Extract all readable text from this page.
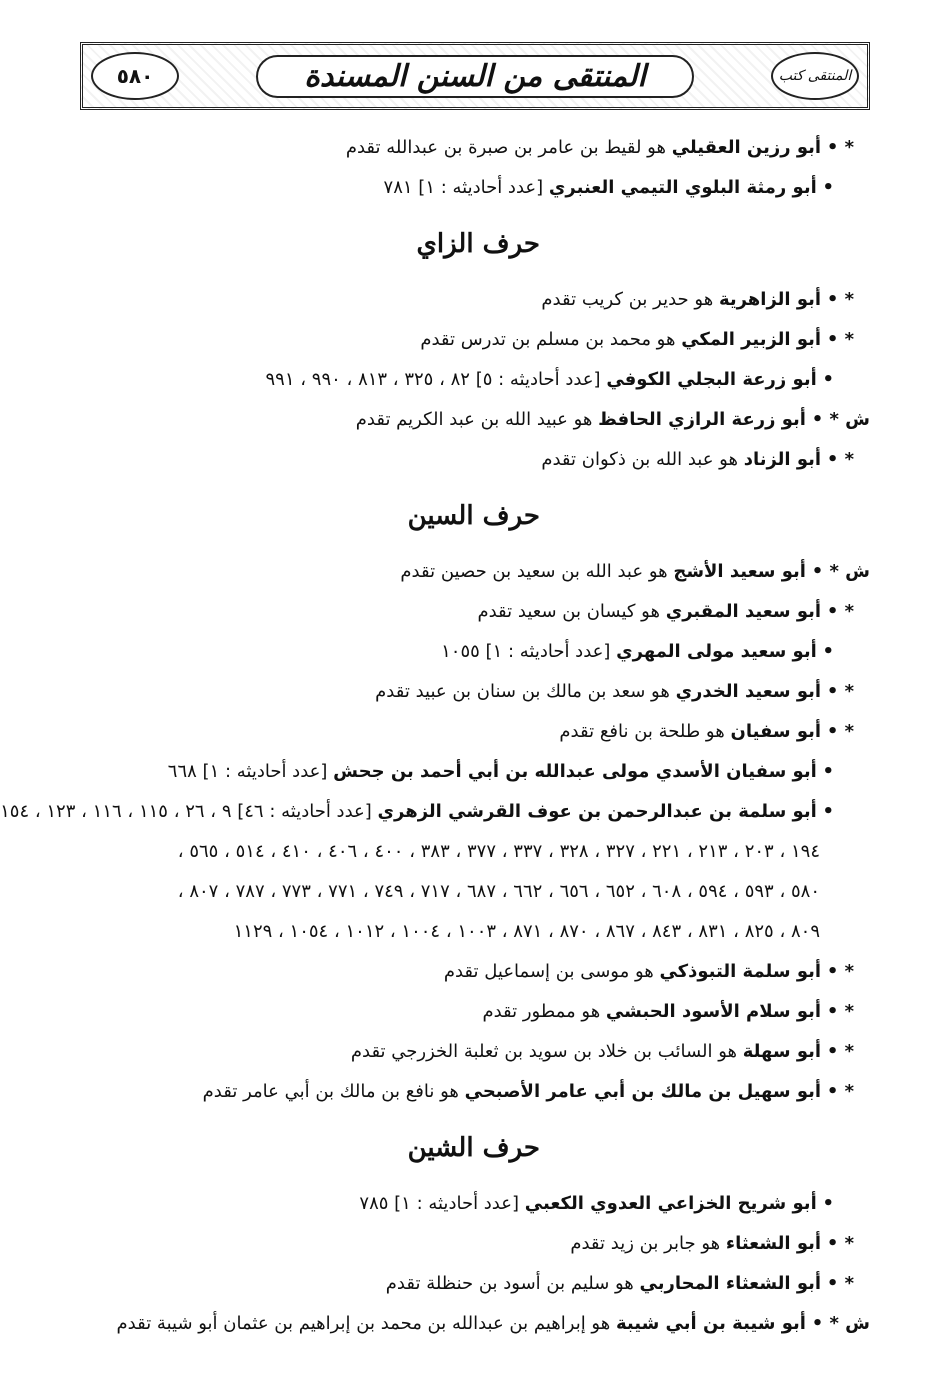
٥٨٠	المنتقى من السنن المسندة	المنتقى كتب

* • أبو رزين العقيلي هو لقيط بن عامر بن صبرة بن عبدالله تقدم

• أبو رمثة البلوي التيمي العنبري [عدد أحاديثه : ١] ٧٨١

حرف الزاي

* • أبو الزاهرية هو حدير بن كريب تقدم

* • أبو الزبير المكي هو محمد بن مسلم بن تدرس تقدم

• أبو زرعة البجلي الكوفي [عدد أحاديثه : ٥] ٨٢ ، ٣٢٥ ، ٨١٣ ، ٩٩٠ ، ٩٩١

ش * • أبو زرعة الرازي الحافظ هو عبيد الله بن عبد الكريم تقدم

* • أبو الزناد هو عبد الله بن ذكوان تقدم

حرف السين

ش * • أبو سعيد الأشج هو عبد الله بن سعيد بن حصين تقدم

* • أبو سعيد المقبري هو كيسان بن سعيد تقدم

• أبو سعيد مولى المهري [عدد أحاديثه : ١] ١٠٥٥

* • أبو سعيد الخدري هو سعد بن مالك بن سنان بن عبيد تقدم

* • أبو سفيان هو طلحة بن نافع تقدم

• أبو سفيان الأسدي مولى عبدالله بن أبي أحمد بن جحش [عدد أحاديثه : ١] ٦٦٨

• أبو سلمة بن عبدالرحمن بن عوف القرشي الزهري [عدد أحاديثه : ٤٦] ٩ ، ٢٦ ، ١١٥ ، ١١٦ ، ١٢٣ ، ١٥٤

١٩٤ ، ٢٠٣ ، ٢١٣ ، ٢٢١ ، ٣٢٧ ، ٣٢٨ ، ٣٣٧ ، ٣٧٧ ، ٣٨٣ ، ٤٠٠ ، ٤٠٦ ، ٤١٠ ، ٥١٤ ، ٥٦٥ ،

٥٨٠ ، ٥٩٣ ، ٥٩٤ ، ٦٠٨ ، ٦٥٢ ، ٦٥٦ ، ٦٦٢ ، ٦٨٧ ، ٧١٧ ، ٧٤٩ ، ٧٧١ ، ٧٧٣ ، ٧٨٧ ، ٨٠٧ ،

٨٠٩ ، ٨٢٥ ، ٨٣١ ، ٨٤٣ ، ٨٦٧ ، ٨٧٠ ، ٨٧١ ، ١٠٠٣ ، ١٠٠٤ ، ١٠١٢ ، ١٠٥٤ ، ١١٢٩

* • أبو سلمة التبوذكي هو موسى بن إسماعيل تقدم

* • أبو سلام الأسود الحبشي هو ممطور تقدم

* • أبو سهلة هو السائب بن خلاد بن سويد بن ثعلبة الخزرجي تقدم

* • أبو سهيل بن مالك بن أبي عامر الأصبحي هو نافع بن مالك بن أبي عامر تقدم

حرف الشين

• أبو شريح الخزاعي العدوي الكعبي [عدد أحاديثه : ١] ٧٨٥

* • أبو الشعثاء هو جابر بن زيد تقدم

* • أبو الشعثاء المحاربي هو سليم بن أسود بن حنظلة تقدم

ش * • أبو شيبة بن أبي شيبة هو إبراهيم بن عبدالله بن محمد بن إبراهيم بن عثمان أبو شيبة تقدم
